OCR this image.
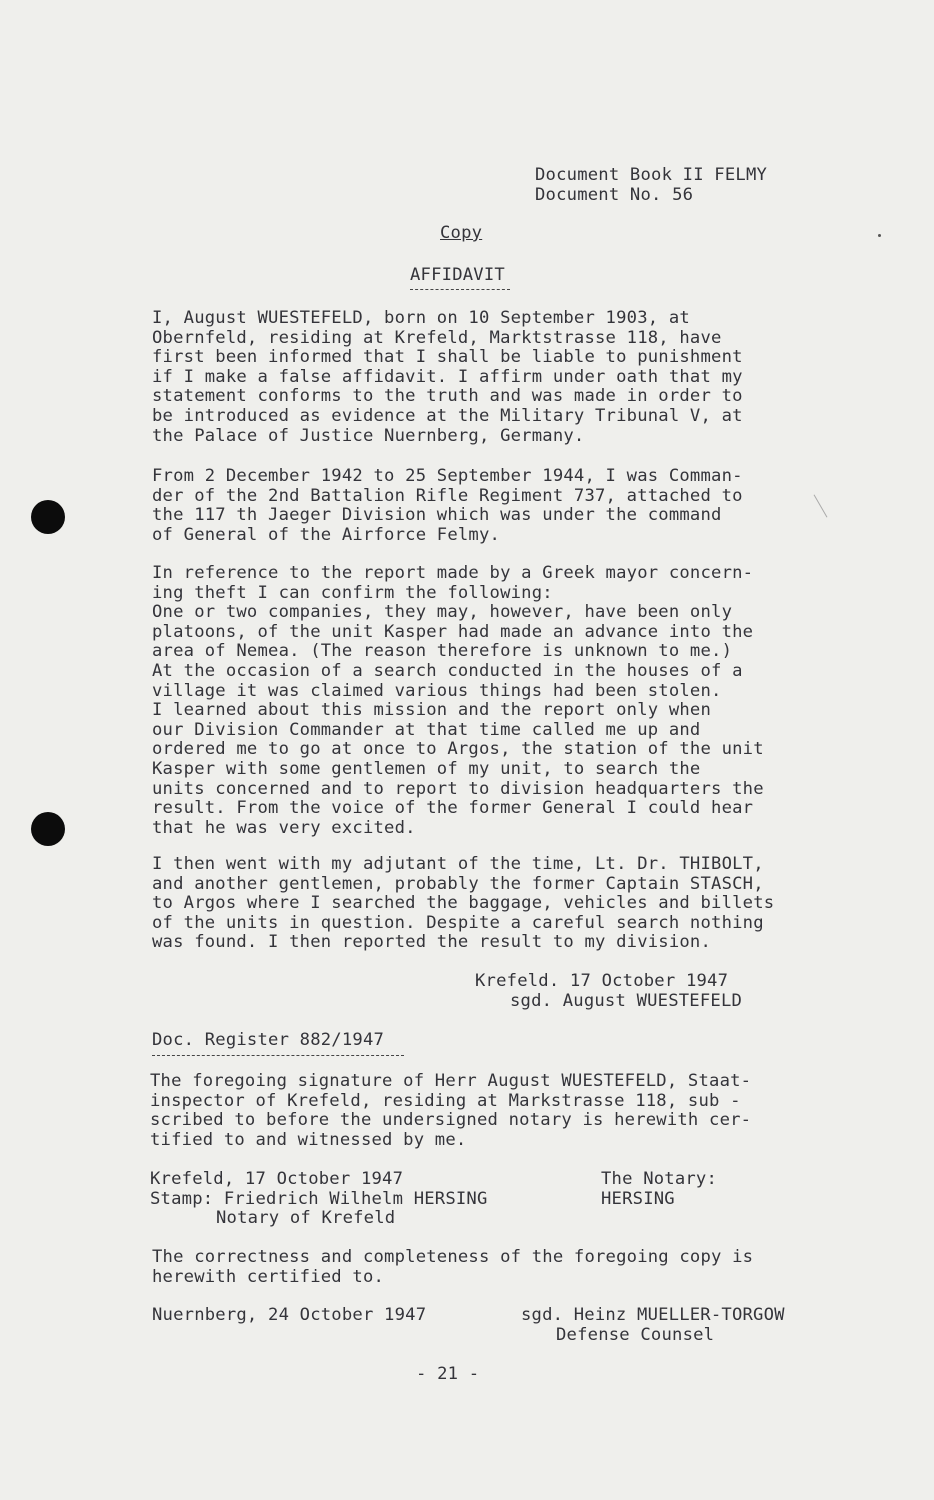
Document Book II FELMY
Document No. 56
Copy
AFFIDAVIT
I, August WUESTEFELD, born on 10 September 1903, at
Obernfeld, residing at Krefeld, Marktstrasse 118, have
first been informed that I shall be liable to punishment
if I make a false affidavit. I affirm under oath that my
statement conforms to the truth and was made in order to
be introduced as evidence at the Military Tribunal V, at
the Palace of Justice Nuernberg, Germany.
From 2 December 1942 to 25 September 1944, I was Comman-
der of the 2nd Battalion Rifle Regiment 737, attached to
the 117 th Jaeger Division which was under the command
of General of the Airforce Felmy.
In reference to the report made by a Greek mayor concern-
ing theft I can confirm the following:
One or two companies, they may, however, have been only
platoons, of the unit Kasper had made an advance into the
area of Nemea. (The reason therefore is unknown to me.)
At the occasion of a search conducted in the houses of a
village it was claimed various things had been stolen.
I learned about this mission and the report only when
our Division Commander at that time called me up and
ordered me to go at once to Argos, the station of the unit
Kasper with some gentlemen of my unit, to search the
units concerned and to report to division headquarters the
result. From the voice of the former General I could hear
that he was very excited.
I then went with my adjutant of the time, Lt. Dr. THIBOLT,
and another gentlemen, probably the former Captain STASCH,
to Argos where I searched the baggage, vehicles and billets
of the units in question. Despite a careful search nothing
was found. I then reported the result to my division.
Krefeld. 17 October 1947
sgd. August WUESTEFELD
Doc. Register 882/1947
The foregoing signature of Herr August WUESTEFELD, Staat-
inspector of Krefeld, residing at Markstrasse 118, sub -
scribed to before the undersigned notary is herewith cer-
tified to and witnessed by me.
Krefeld, 17 October 1947
Stamp: Friedrich Wilhelm HERSING
Notary of Krefeld
The Notary:
HERSING
The correctness and completeness of the foregoing copy is
herewith certified to.
Nuernberg, 24 October 1947	sgd. Heinz MUELLER-TORGOW
Defense Counsel
- 21 -
